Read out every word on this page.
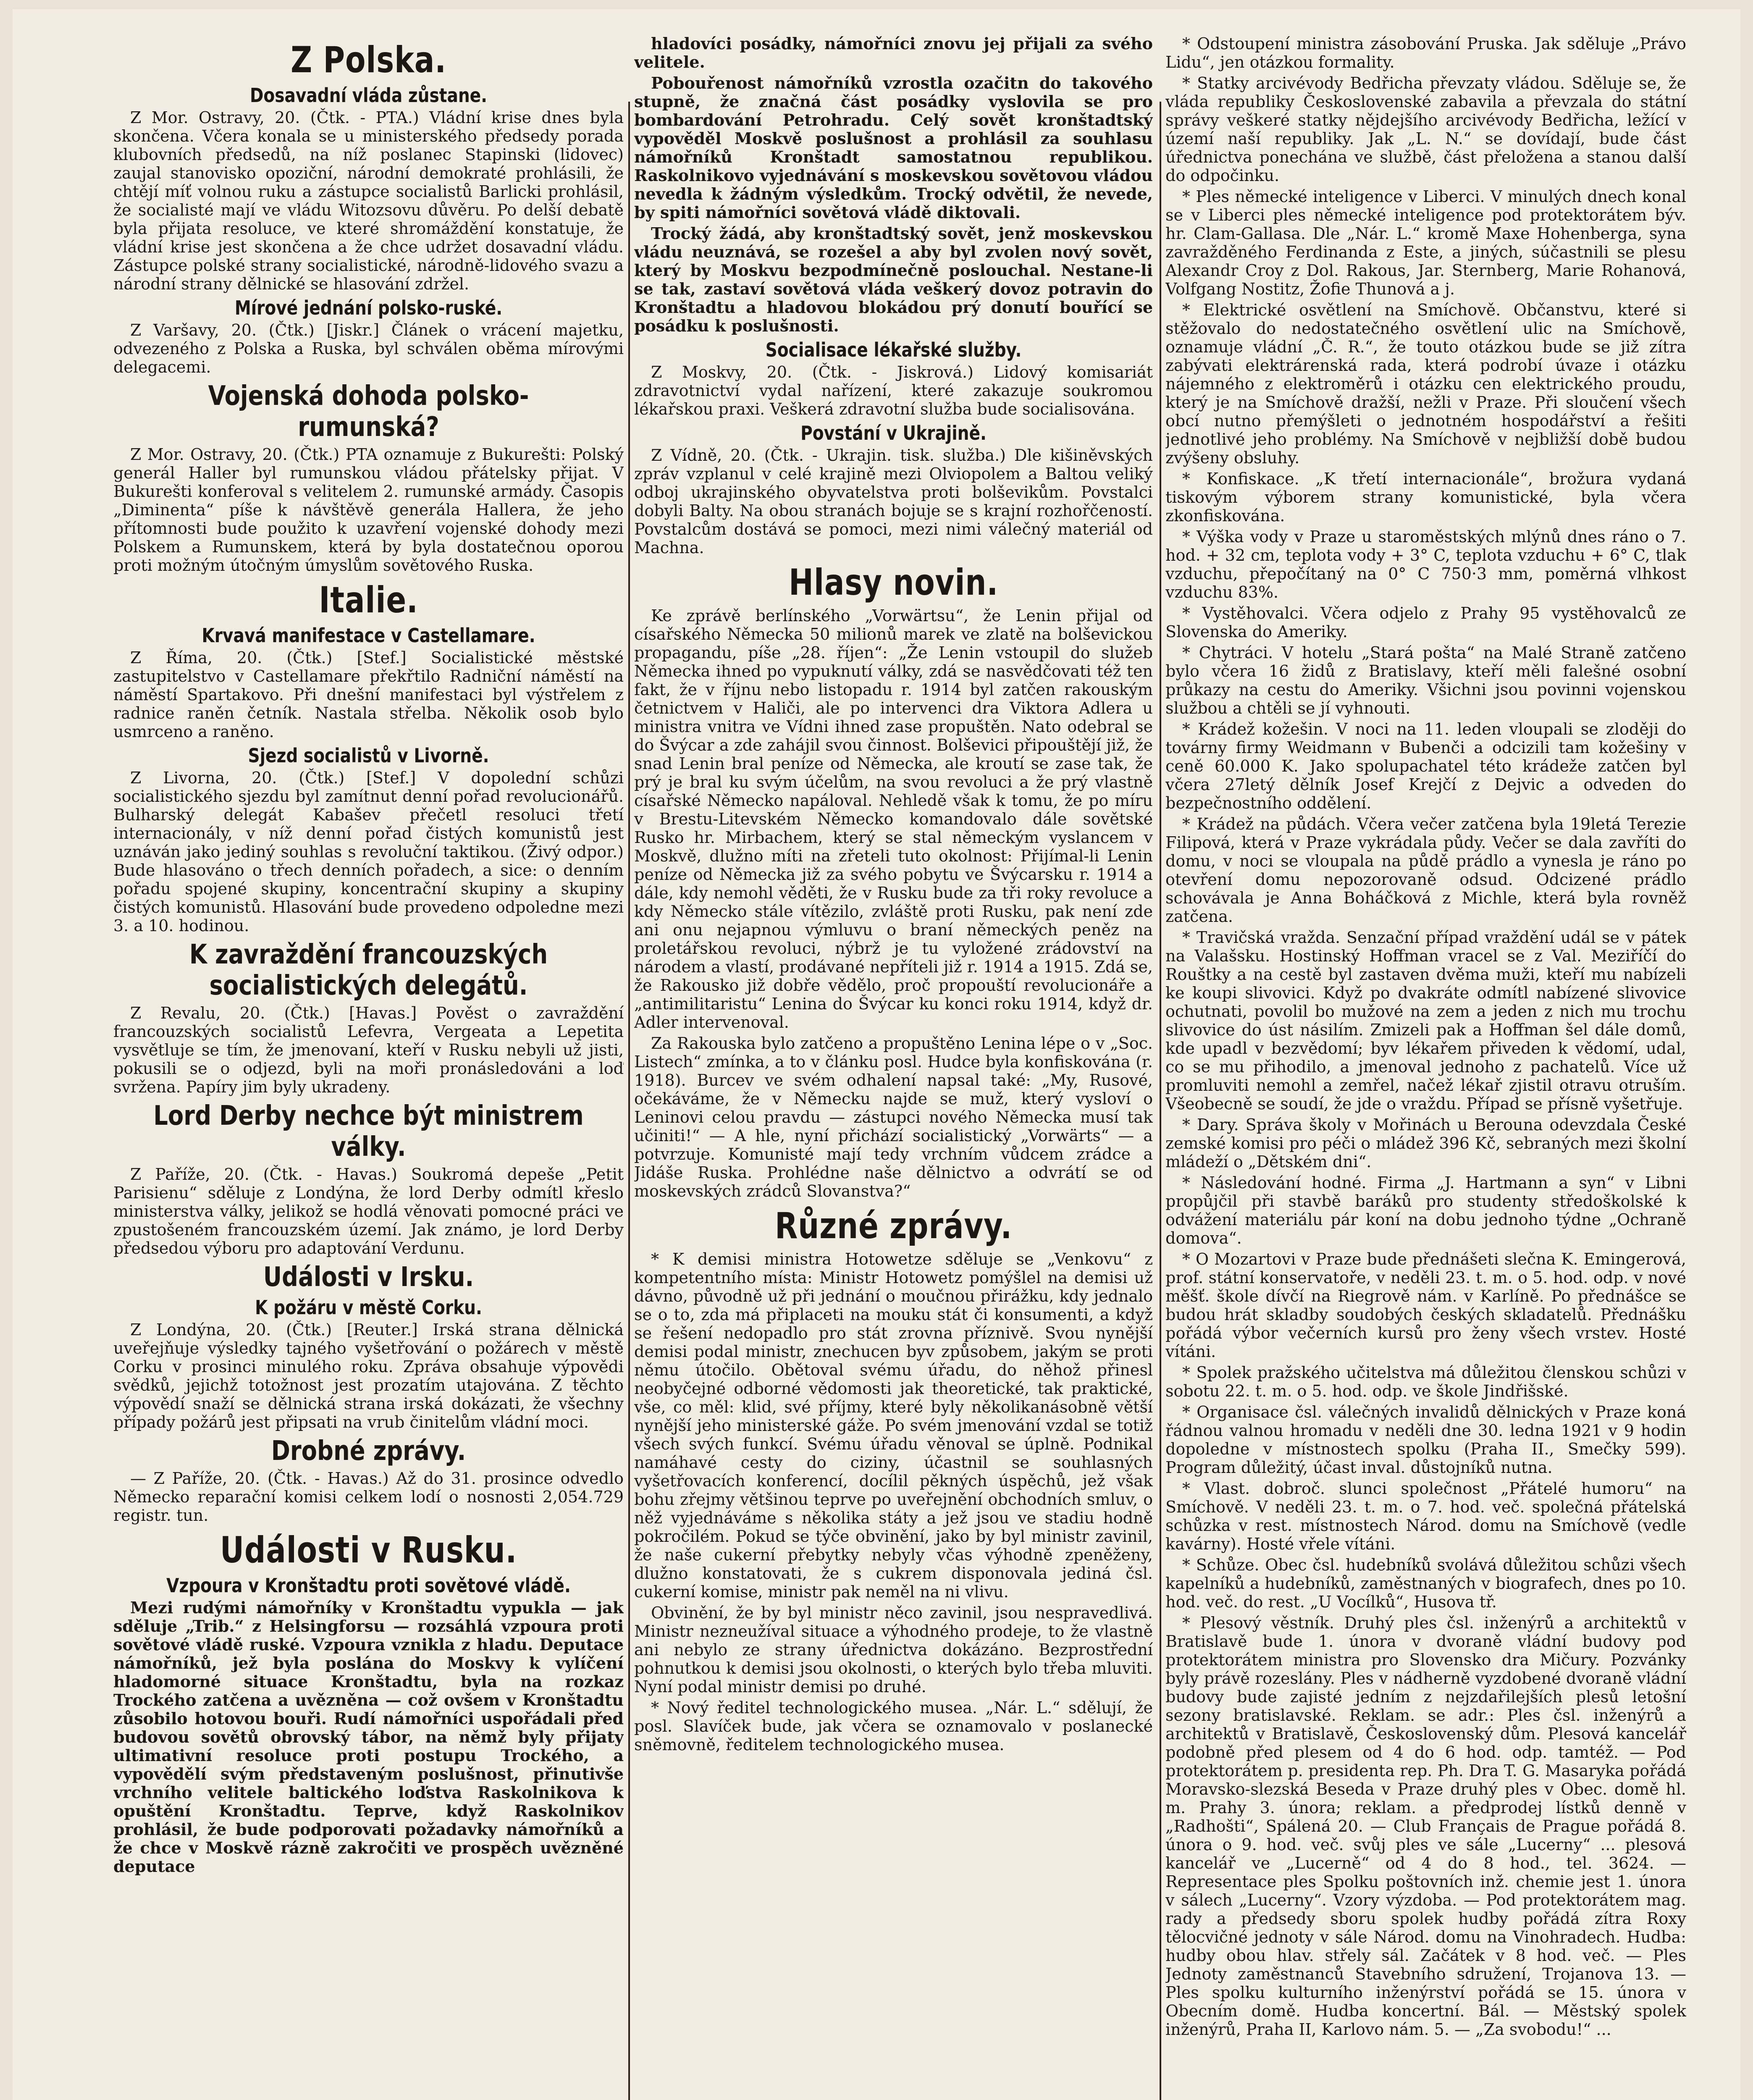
Z Polska.
Dosavadní vláda zůstane.

Z Mor. Ostravy, 20. (Čtk. - PTA.) Vládní krise dnes byla skončena. Včera konala se u ministerského předsedy porada klubovních předsedů, na níž poslanec Stapinski (lidovec) zaujal stanovisko opoziční, národní demokraté prohlásili, že chtějí míť volnou ruku a zástupce socialistů Barlicki prohlásil, že socialisté mají ve vládu Witozsovu důvěru. Po delší debatě byla přijata resoluce, ve které shromáždění konstatuje, že vládní krise jest skončena a že chce udržet dosavadní vládu. Zástupce polské strany socialistické, národně-lidového svazu a národní strany dělnické se hlasování zdržel.

Mírové jednání polsko-ruské.

Z Varšavy, 20. (Čtk.) [Jiskr.] Článek o vrácení majetku, odvezeného z Polska a Ruska, byl schválen oběma mírovými delegacemi.

Vojenská dohoda polsko-rumunská?

Z Mor. Ostravy, 20. (Čtk.) PTA oznamuje z Bukurešti: Polský generál Haller byl rumunskou vládou přátelsky přijat. V Bukurešti konferoval s velitelem 2. rumunské armády. Časopis „Diminenta“ píše k návštěvě generála Hallera, že jeho přítomnosti bude použito k uzavření vojenské dohody mezi Polskem a Rumunskem, která by byla dostatečnou oporou proti možným útočným úmyslům sovětového Ruska.

Italie.
Krvavá manifestace v Castellamare.

Z Říma, 20. (Čtk.) [Stef.] Socialistické městské zastupitelstvo v Castellamare překřtilo Radniční náměstí na náměstí Spartakovo. Při dnešní manifestaci byl výstřelem z radnice raněn četník. Nastala střelba. Několik osob bylo usmrceno a raněno.

Sjezd socialistů v Livorně.

Z Livorna, 20. (Čtk.) [Stef.] V dopolední schůzi socialistického sjezdu byl zamítnut denní pořad revolucionářů. Bulharský delegát Kabašev přečetl resoluci třetí internacionály, v níž denní pořad čistých komunistů jest uznáván jako jediný souhlas s revoluční taktikou. (Živý odpor.) Bude hlasováno o třech denních pořadech, a sice: o denním pořadu spojené skupiny, koncentrační skupiny a skupiny čistých komunistů. Hlasování bude provedeno odpoledne mezi 3. a 10. hodinou.

K zavraždění francouzských socialistických delegátů.

Z Revalu, 20. (Čtk.) [Havas.] Pověst o zavraždění francouzských socialistů Lefevra, Vergeata a Lepetita vysvětluje se tím, že jmenovaní, kteří v Rusku nebyli už jisti, pokusili se o odjezd, byli na moři pronásledováni a loď svržena. Papíry jim byly ukradeny.

Lord Derby nechce být ministrem války.

Z Paříže, 20. (Čtk. - Havas.) Soukromá depeše „Petit Parisienu“ sděluje z Londýna, že lord Derby odmítl křeslo ministerstva války, jelikož se hodlá věnovati pomocné práci ve zpustošeném francouzském území. Jak známo, je lord Derby předsedou výboru pro adaptování Verdunu.

Události v Irsku.
K požáru v městě Corku.

Z Londýna, 20. (Čtk.) [Reuter.] Irská strana dělnická uveřejňuje výsledky tajného vyšetřování o požárech v městě Corku v prosinci minulého roku. Zpráva obsahuje výpovědi svědků, jejichž totožnost jest prozatím utajována. Z těchto výpovědí snaží se dělnická strana irská dokázati, že všechny případy požárů jest připsati na vrub činitelům vládní moci.

Drobné zprávy.

— Z Paříže, 20. (Čtk. - Havas.) Až do 31. prosince odvedlo Německo reparační komisi celkem lodí o nosnosti 2,054.729 registr. tun.

Události v Rusku.
Vzpoura v Kronštadtu proti sovětové vládě.

Mezi rudými námořníky v Kronštadtu vypukla — jak sděluje „Trib.“ z Helsingforsu — rozsáhlá vzpoura proti sovětové vládě ruské. Vzpoura vznikla z hladu. Deputace námořníků, jež byla poslána do Moskvy k vylíčení hladomorné situace Kronštadtu, byla na rozkaz Trockého zatčena a uvězněna — což ovšem v Kronštadtu zůsobilo hotovou bouři. Rudí námořníci uspořádali před budovou sovětů obrovský tábor, na němž byly přijaty ultimativní resoluce proti postupu Trockého, a vypovědělí svým představeným poslušnost, přinutivše vrchního velitele baltického loďstva Raskolnikova k opuštění Kronštadtu. Teprve, když Raskolnikov prohlásil, že bude podporovati požadavky námořníků a že chce v Moskvě rázně zakročiti ve prospěch uvězněné deputace

hladovíci posádky, námořníci znovu jej přijali za svého velitele.

Pobouřenost námořníků vzrostla ozačitn do takového stupně, že značná část posádky vyslovila se pro bombardování Petrohradu. Celý sovět kronštadtský vypověděl Moskvě poslušnost a prohlásil za souhlasu námořníků Kronštadt samostatnou republikou. Raskolnikovo vyjednávání s moskevskou sovětovou vládou nevedla k žádným výsledkům. Trocký odvětil, že nevede, by spiti námořníci sovětová vládě diktovali.

Trocký žádá, aby kronštadtský sovět, jenž moskevskou vládu neuznává, se rozešel a aby byl zvolen nový sovět, který by Moskvu bezpodmínečně poslouchal. Nestane-li se tak, zastaví sovětová vláda veškerý dovoz potravin do Kronštadtu a hladovou blokádou prý donutí bouřící se posádku k poslušnosti.

Socialisace lékařské služby.

Z Moskvy, 20. (Čtk. - Jiskrová.) Lidový komisariát zdravotnictví vydal nařízení, které zakazuje soukromou lékařskou praxi. Veškerá zdravotní služba bude socialisována.

Povstání v Ukrajině.

Z Vídně, 20. (Čtk. - Ukrajin. tisk. služba.) Dle kišiněvských zpráv vzplanul v celé krajině mezi Olviopolem a Baltou veliký odboj ukrajinského obyvatelstva proti bolševikům. Povstalci dobyli Balty. Na obou stranách bojuje se s krajní rozhořčeností. Povstalcům dostává se pomoci, mezi nimi válečný materiál od Machna.

Hlasy novin.

Ke zprávě berlínského „Vorwärtsu“, že Lenin přijal od císařského Německa 50 milionů marek ve zlatě na bolševickou propagandu, píše „28. říjen“: „Že Lenin vstoupil do služeb Německa ihned po vypuknutí války, zdá se nasvědčovati též ten fakt, že v říjnu nebo listopadu r. 1914 byl zatčen rakouským četnictvem v Haliči, ale po intervenci dra Viktora Adlera u ministra vnitra ve Vídni ihned zase propuštěn. Nato odebral se do Švýcar a zde zahájil svou činnost. Bolševici připouštějí již, že snad Lenin bral peníze od Německa, ale kroutí se zase tak, že prý je bral ku svým účelům, na svou revoluci a že prý vlastně císařské Německo napáloval. Nehledě však k tomu, že po míru v Brestu-Litevském Německo komandovalo dále sovětské Rusko hr. Mirbachem, který se stal německým vyslancem v Moskvě, dlužno míti na zřeteli tuto okolnost: Přijímal-li Lenin peníze od Německa již za svého pobytu ve Švýcarsku r. 1914 a dále, kdy nemohl věděti, že v Rusku bude za tři roky revoluce a kdy Německo stále vítězilo, zvláště proti Rusku, pak není zde ani onu nejapnou výmluvu o braní německých peněz na proletářskou revoluci, nýbrž je tu vyložené zrádovství na národem a vlastí, prodávané nepříteli již r. 1914 a 1915. Zdá se, že Rakousko již dobře vědělo, proč propouští revolucionáře a „antimilitaristu“ Lenina do Švýcar ku konci roku 1914, když dr. Adler intervenoval.

Za Rakouska bylo zatčeno a propuštěno Lenina lépe o v „Soc. Listech“ zmínka, a to v článku posl. Hudce byla konfiskována (r. 1918). Burcev ve svém odhalení napsal také: „My, Rusové, očekáváme, že v Německu najde se muž, který vysloví o Leninovi celou pravdu — zástupci nového Německa musí tak učiniti!“ — A hle, nyní přichází socialistický „Vorwärts“ — a potvrzuje. Komunisté mají tedy vrchním vůdcem zrádce a Jidáše Ruska. Prohlédne naše dělnictvo a odvrátí se od moskevských zrádců Slovanstva?“

Různé zprávy.

* K demisi ministra Hotowetze sděluje se „Venkovu“ z kompetentního místa: Ministr Hotowetz pomýšlel na demisi už dávno, původně už při jednání o moučnou přirážku, kdy jednalo se o to, zda má připlaceti na mouku stát či konsumenti, a když se řešení nedopadlo pro stát zrovna příznivě. Svou nynější demisi podal ministr, znechucen byv způsobem, jakým se proti němu útočilo. Obětoval svému úřadu, do něhož přinesl neobyčejné odborné vědomosti jak theoretické, tak praktické, vše, co měl: klid, své příjmy, které byly několikanásobně větší nynější jeho ministerské gáže. Po svém jmenování vzdal se totiž všech svých funkcí. Svému úřadu věnoval se úplně. Podnikal namáhavé cesty do ciziny, účastnil se souhlasných vyšetřovacích konferencí, docílil pěkných úspěchů, jež však bohu zřejmy většinou teprve po uveřejnění obchodních smluv, o něž vyjednáváme s několika státy a jež jsou ve stadiu hodně pokročilém. Pokud se týče obvinění, jako by byl ministr zavinil, že naše cukerní přebytky nebyly včas výhodně zpeněženy, dlužno konstatovati, že s cukrem disponovala jediná čsl. cukerní komise, ministr pak neměl na ni vlivu.

Obvinění, že by byl ministr něco zavinil, jsou nespravedlivá. Ministr nezneužíval situace a výhodného prodeje, to že vlastně ani nebylo ze strany úřednictva dokázáno. Bezprostřední pohnutkou k demisi jsou okolnosti, o kterých bylo třeba mluviti. Nyní podal ministr demisi po druhé.

* Nový ředitel technologického musea. „Nár. L.“ sdělují, že posl. Slavíček bude, jak včera se oznamovalo v poslanecké sněmovně, ředitelem technologického musea.

* Odstoupení ministra zásobování Pruska. Jak sděluje „Právo Lidu“, jen otázkou formality.

* Statky arcivévody Bedřicha převzaty vládou. Sděluje se, že vláda republiky Československé zabavila a převzala do státní správy veškeré statky nějdejšího arcivévody Bedřicha, ležící v území naší republiky. Jak „L. N.“ se dovídají, bude část úřednictva ponechána ve službě, část přeložena a stanou další do odpočinku.

* Ples německé inteligence v Liberci. V minulých dnech konal se v Liberci ples německé inteligence pod protektorátem býv. hr. Clam-Gallasa. Dle „Nár. L.“ kromě Maxe Hohenberga, syna zavražděného Ferdinanda z Este, a jiných, súčastnili se plesu Alexandr Croy z Dol. Rakous, Jar. Sternberg, Marie Rohanová, Volfgang Nostitz, Žofie Thunová a j.

* Elektrické osvětlení na Smíchově. Občanstvu, které si stěžovalo do nedostatečného osvětlení ulic na Smíchově, oznamuje vládní „Č. R.“, že touto otázkou bude se již zítra zabývati elektrárenská rada, která podrobí úvaze i otázku nájemného z elektroměrů i otázku cen elektrického proudu, který je na Smíchově dražší, nežli v Praze. Při sloučení všech obcí nutno přemýšleti o jednotném hospodářství a řešiti jednotlivé jeho problémy. Na Smíchově v nejbližší době budou zvýšeny obsluhy.

* Konfiskace. „K třetí internacionále“, brožura vydaná tiskovým výborem strany komunistické, byla včera zkonfiskována.

* Výška vody v Praze u staroměstských mlýnů dnes ráno o 7. hod. + 32 cm, teplota vody + 3° C, teplota vzduchu + 6° C, tlak vzduchu, přepočítaný na 0° C 750·3 mm, poměrná vlhkost vzduchu 83%.

* Vystěhovalci. Včera odjelo z Prahy 95 vystěhovalců ze Slovenska do Ameriky.

* Chytráci. V hotelu „Stará pošta“ na Malé Straně zatčeno bylo včera 16 židů z Bratislavy, kteří měli falešné osobní průkazy na cestu do Ameriky. Všichni jsou povinni vojenskou službou a chtěli se jí vyhnouti.

* Krádež kožešin. V noci na 11. leden vloupali se zloději do továrny firmy Weidmann v Bubenči a odcizili tam kožešiny v ceně 60.000 K. Jako spolupachatel této krádeže zatčen byl včera 27letý dělník Josef Krejčí z Dejvic a odveden do bezpečnostního oddělení.

* Krádež na půdách. Včera večer zatčena byla 19letá Terezie Filipová, která v Praze vykrádala půdy. Večer se dala zavříti do domu, v noci se vloupala na půdě prádlo a vynesla je ráno po otevření domu nepozorovaně odsud. Odcizené prádlo schovávala je Anna Boháčková z Michle, která byla rovněž zatčena.

* Travičská vražda. Senzační případ vraždění udál se v pátek na Valašsku. Hostinský Hoffman vracel se z Val. Meziříčí do Rouštky a na cestě byl zastaven dvěma muži, kteří mu nabízeli ke koupi slivovici. Když po dvakráte odmítl nabízené slivovice ochutnati, povolil bo mužové na zem a jeden z nich mu trochu slivovice do úst násilím. Zmizeli pak a Hoffman šel dále domů, kde upadl v bezvědomí; byv lékařem přiveden k vědomí, udal, co se mu přihodilo, a jmenoval jednoho z pachatelů. Více už promluviti nemohl a zemřel, načež lékař zjistil otravu otruším. Všeobecně se soudí, že jde o vraždu. Případ se přísně vyšetřuje.

* Dary. Správa školy v Mořinách u Berouna odevzdala České zemské komisi pro péči o mládež 396 Kč, sebraných mezi školní mládeží o „Dětském dni“.

* Následování hodné. Firma „J. Hartmann a syn“ v Libni propůjčil při stavbě baráků pro studenty středoškolské k odvážení materiálu pár koní na dobu jednoho týdne „Ochraně domova“.

* O Mozartovi v Praze bude přednášeti slečna K. Emingerová, prof. státní konservatoře, v neděli 23. t. m. o 5. hod. odp. v nové měšť. škole dívčí na Riegrově nám. v Karlíně. Po přednášce se budou hrát skladby soudobých českých skladatelů. Přednášku pořádá výbor večerních kursů pro ženy všech vrstev. Hosté vítáni.

* Spolek pražského učitelstva má důležitou členskou schůzi v sobotu 22. t. m. o 5. hod. odp. ve škole Jindřišské.

* Organisace čsl. válečných invalidů dělnických v Praze koná řádnou valnou hromadu v neděli dne 30. ledna 1921 v 9 hodin dopoledne v místnostech spolku (Praha II., Smečky 599). Program důležitý, účast inval. důstojníků nutna.

* Vlast. dobroč. slunci společnost „Přátelé humoru“ na Smíchově. V neděli 23. t. m. o 7. hod. več. společná přátelská schůzka v rest. místnostech Národ. domu na Smíchově (vedle kavárny). Hosté vřele vítáni.

* Schůze. Obec čsl. hudebníků svolává důležitou schůzi všech kapelníků a hudebníků, zaměstnaných v biografech, dnes po 10. hod. več. do rest. „U Vocílků“, Husova tř.

* Plesový věstník. Druhý ples čsl. inženýrů a architektů v Bratislavě bude 1. února v dvoraně vládní budovy pod protektorátem ministra pro Slovensko dra Mičury. Pozvánky byly právě rozeslány. Ples v nádherně vyzdobené dvoraně vládní budovy bude zajisté jedním z nejzdařilejších plesů letošní sezony bratislavské. Reklam. se adr.: Ples čsl. inženýrů a architektů v Bratislavě, Československý dům. Plesová kancelář podobně před plesem od 4 do 6 hod. odp. tamtéž. — Pod protektorátem p. presidenta rep. Ph. Dra T. G. Masaryka pořádá Moravsko-slezská Beseda v Praze druhý ples v Obec. domě hl. m. Prahy 3. února; reklam. a předprodej lístků denně v „Radhošti“, Spálená 20. — Club Français de Prague pořádá 8. února o 9. hod. več. svůj ples ve sále „Lucerny“ ... plesová kancelář ve „Lucerně“ od 4 do 8 hod., tel. 3624. — Representace ples Spolku poštovních inž. chemie jest 1. února v sálech „Lucerny“. Vzory výzdoba. — Pod protektorátem mag. rady a předsedy sboru spolek hudby pořádá zítra Roxy tělocvičné jednoty v sále Národ. domu na Vinohradech. Hudba: hudby obou hlav. střely sál. Začátek v 8 hod. več. — Ples Jednoty zaměstnanců Stavebního sdružení, Trojanova 13. — Ples spolku kulturního inženýrství pořádá se 15. února v Obecním domě. Hudba koncertní. Bál. — Městský spolek inženýrů, Praha II, Karlovo nám. 5. — „Za svobodu!“ ...
